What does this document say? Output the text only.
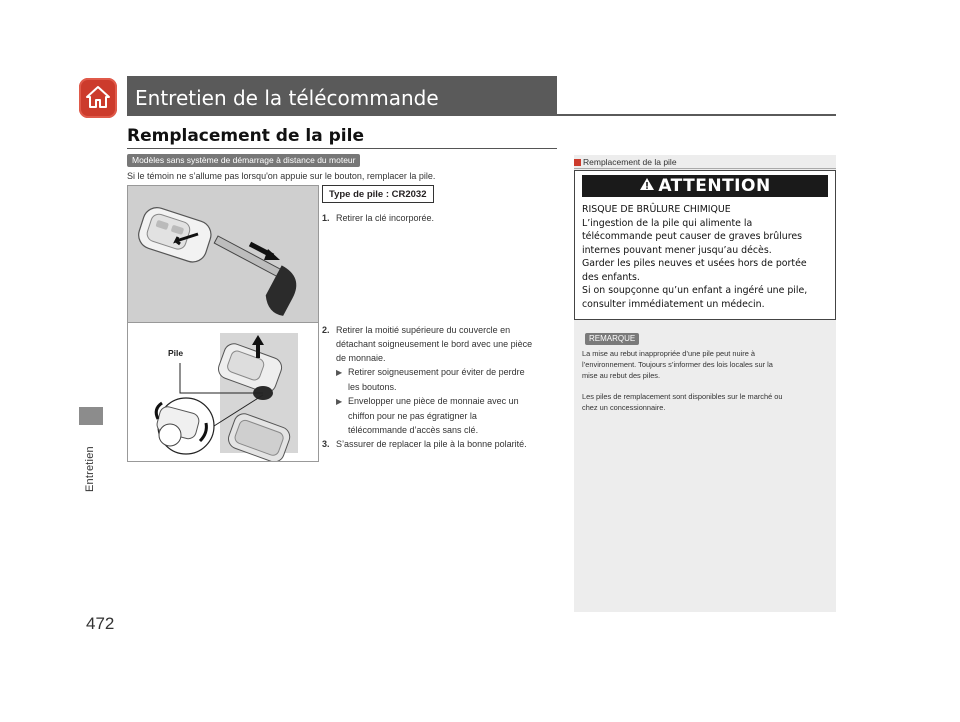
Entretien
472
Entretien de la télécommande
Remplacement de la pile
Modèles sans système de démarrage à distance du moteur
Si le témoin ne s’allume pas lorsqu'on appuie sur le bouton, remplacer la pile.
Pile
Type de pile : CR2032
1. Retirer la clé incorporée.
2. Retirer la moitié supérieure du couvercle en
détachant soigneusement le bord avec une pièce
de monnaie.
▶ Retirer soigneusement pour éviter de perdre
les boutons.
▶ Envelopper une pièce de monnaie avec un
chiffon pour ne pas égratigner la
télécommande d’accès sans clé.
3. S’assurer de replacer la pile à la bonne polarité.
Remplacement de la pile
ATTENTION
RISQUE DE BRÛLURE CHIMIQUE
L’ingestion de la pile qui alimente la
télécommande peut causer de graves brûlures
internes pouvant mener jusqu’au décès.
Garder les piles neuves et usées hors de portée
des enfants.
Si on soupçonne qu’un enfant a ingéré une pile,
consulter immédiatement un médecin.
REMARQUE
La mise au rebut inappropriée d’une pile peut nuire à
l’environnement. Toujours s’informer des lois locales sur la
mise au rebut des piles.
Les piles de remplacement sont disponibles sur le marché ou
chez un concessionnaire.
